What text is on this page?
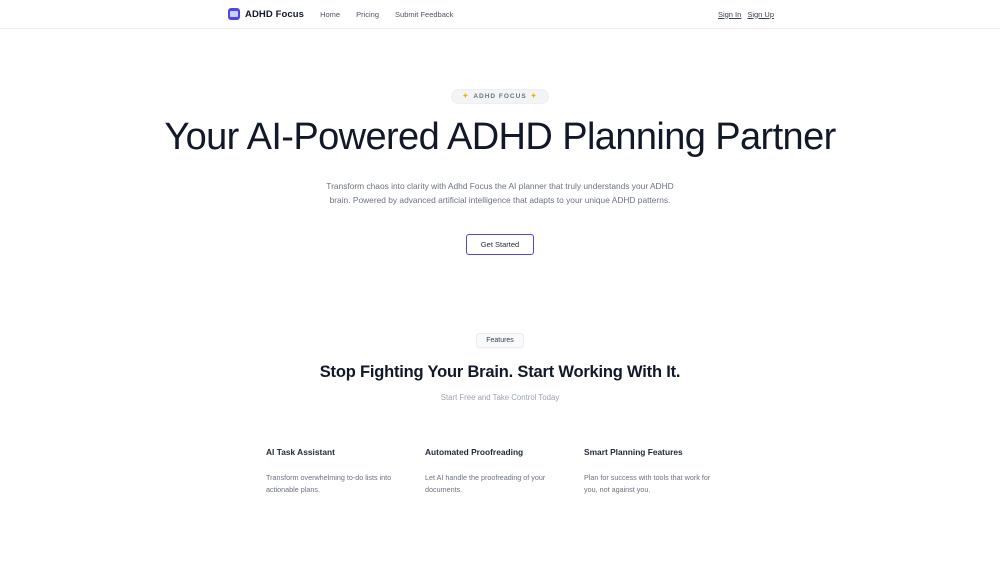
ADHD Focus Home Pricing Submit Feedback	Sign In Sign Up
✦ ADHD FOCUS ✦
Your AI-Powered ADHD Planning Partner

Transform chaos into clarity with Adhd Focus the AI planner that truly understands your ADHD brain. Powered by advanced artificial intelligence that adapts to your unique ADHD patterns.

Get Started
Features
Stop Fighting Your Brain. Start Working With It.

Start Free and Take Control Today

AI Task Assistant

Transform overwhelming to-do lists into actionable plans.

Automated Proofreading

Let AI handle the proofreading of your documents.

Smart Planning Features

Plan for success with tools that work for you, not against you.
